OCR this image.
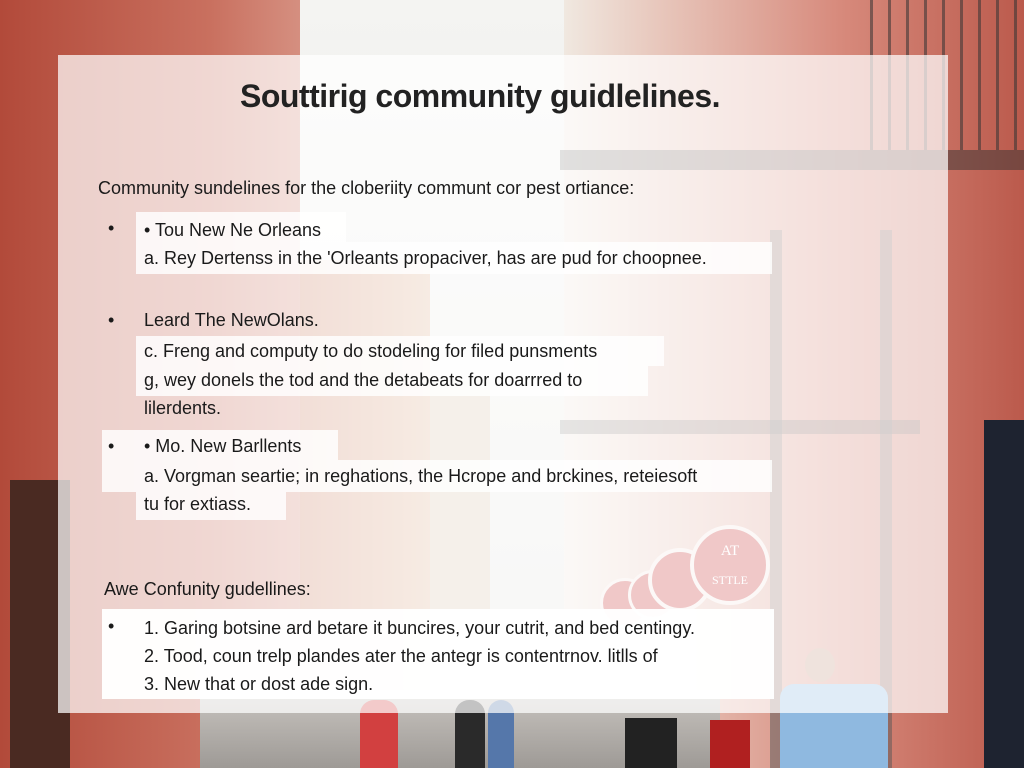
Souttirig community guidlelines.
Community sundelines for the cloberiity communt cor pest ortiance:
• • Tou New Ne Orleans
a. Rey Dertenss in the 'Orleants propaciver, has are pud for choopnee.
• Leard The NewOlans.
c. Freng and computy to do stodeling for filed punsments
g, wey donels the tod and the detabeats for doarrred to
lilerdents.
• • Mo. New Barllents
a. Vorgman seartie; in reghations, the Hcrope and brckines, reteiesoft
tu for extiass.
Awe Confunity gudellines:
• 1. Garing botsine ard betare it buncires, your cutrit, and bed centingy.
2. Tood, coun trelp plandes ater the antegr is contentrnov. litlls of
3. New that or dost ade sign.
